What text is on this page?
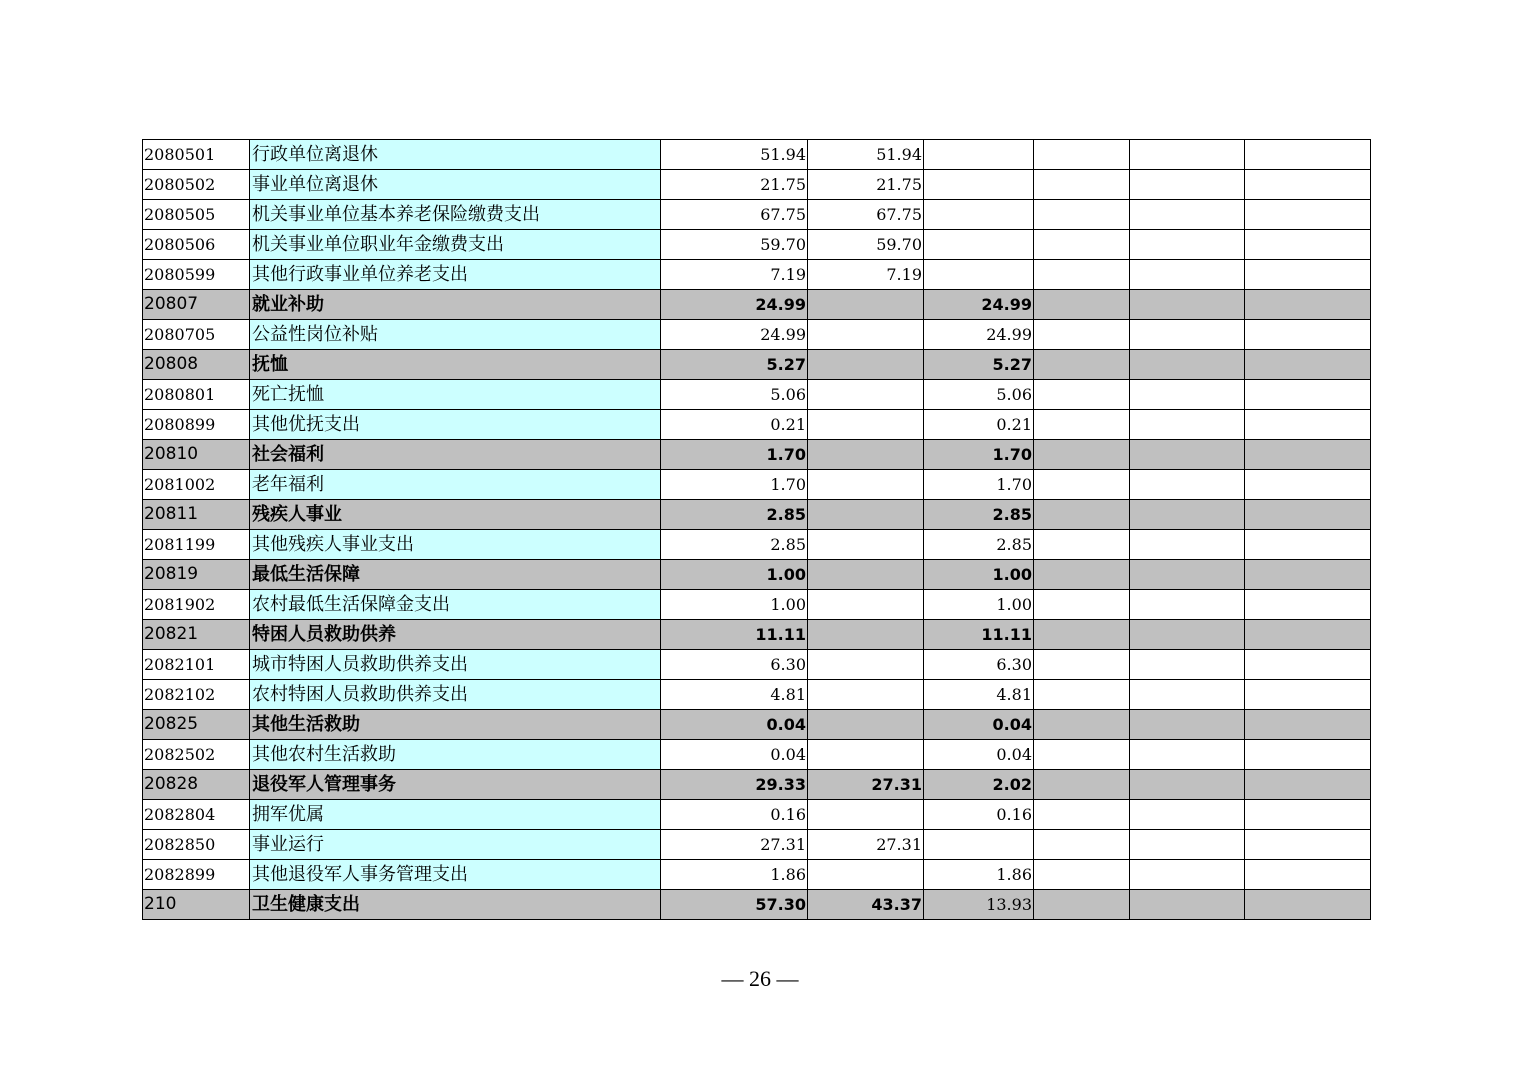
2080501	行政单位离退休	51.94	51.94				
2080502	事业单位离退休	21.75	21.75				
2080505	机关事业单位基本养老保险缴费支出	67.75	67.75				
2080506	机关事业单位职业年金缴费支出	59.70	59.70				
2080599	其他行政事业单位养老支出	7.19	7.19				
20807	就业补助	24.99		24.99			
2080705	公益性岗位补贴	24.99		24.99			
20808	抚恤	5.27		5.27			
2080801	死亡抚恤	5.06		5.06			
2080899	其他优抚支出	0.21		0.21			
20810	社会福利	1.70		1.70			
2081002	老年福利	1.70		1.70			
20811	残疾人事业	2.85		2.85			
2081199	其他残疾人事业支出	2.85		2.85			
20819	最低生活保障	1.00		1.00			
2081902	农村最低生活保障金支出	1.00		1.00			
20821	特困人员救助供养	11.11		11.11			
2082101	城市特困人员救助供养支出	6.30		6.30			
2082102	农村特困人员救助供养支出	4.81		4.81			
20825	其他生活救助	0.04		0.04			
2082502	其他农村生活救助	0.04		0.04			
20828	退役军人管理事务	29.33	27.31	2.02			
2082804	拥军优属	0.16		0.16			
2082850	事业运行	27.31	27.31				
2082899	其他退役军人事务管理支出	1.86		1.86			
210	卫生健康支出	57.30	43.37	13.93			
— 26 —
